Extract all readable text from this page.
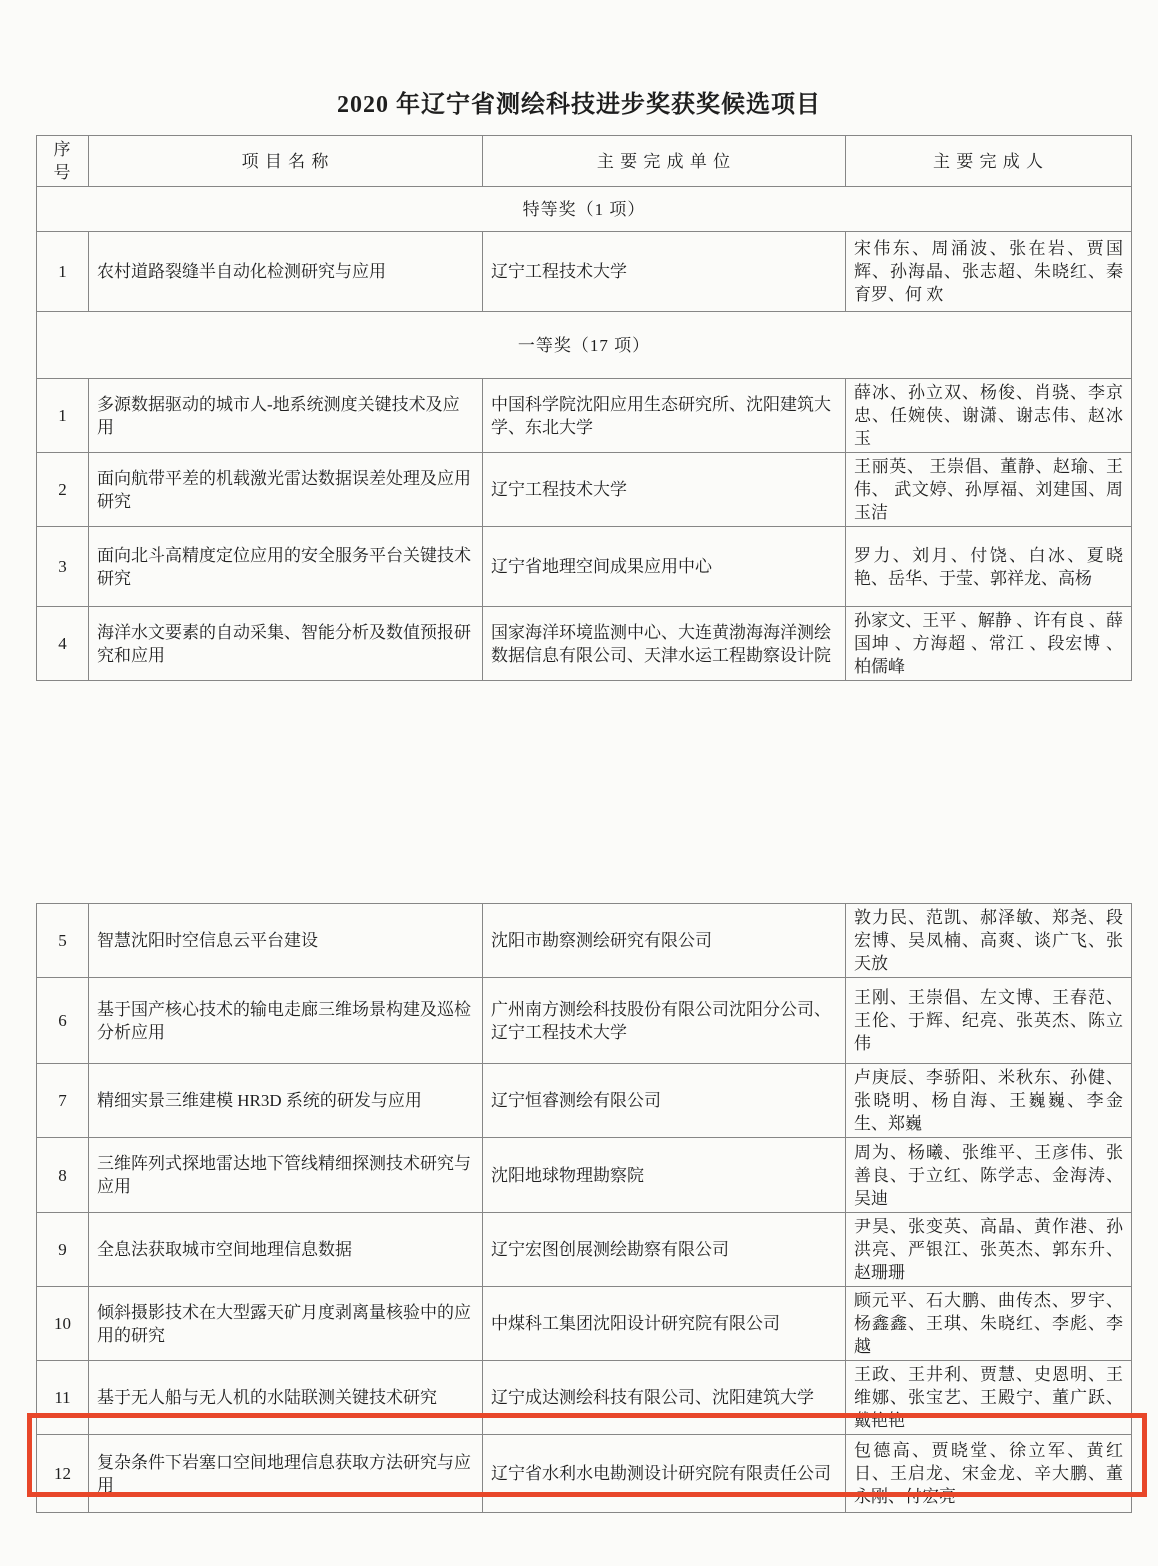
2020 年辽宁省测绘科技进步奖获奖候选项目
序号	项 目 名 称	主 要 完 成 单 位	主 要 完 成 人
特等奖（1 项）			
1	农村道路裂缝半自动化检测研究与应用	辽宁工程技术大学	宋伟东、周涌波、张在岩、贾国辉、孙海晶、张志超、朱晓红、秦育罗、何 欢
一等奖（17 项）			
1	多源数据驱动的城市人-地系统测度关键技术及应用	中国科学院沈阳应用生态研究所、沈阳建筑大学、东北大学	薛冰、孙立双、杨俊、肖骁、李京忠、任婉侠、谢潇、谢志伟、赵冰玉
2	面向航带平差的机载激光雷达数据误差处理及应用研究	辽宁工程技术大学	王丽英、 王崇倡、董静、赵瑜、王伟、 武文婷、孙厚福、刘建国、周玉洁
3	面向北斗高精度定位应用的安全服务平台关键技术研究	辽宁省地理空间成果应用中心	罗力、刘月、付饶、白冰、夏晓艳、岳华、于莹、郭祥龙、高杨
4	海洋水文要素的自动采集、智能分析及数值预报研究和应用	国家海洋环境监测中心、大连黄渤海海洋测绘数据信息有限公司、天津水运工程勘察设计院	孙家文、王平 、解静 、许有良 、薛国坤 、方海超 、常江 、段宏博 、柏儒峰
5	智慧沈阳时空信息云平台建设	沈阳市勘察测绘研究有限公司	敦力民、范凯、郝泽敏、郑尧、段宏博、吴凤楠、高爽、谈广飞、张天放
6	基于国产核心技术的输电走廊三维场景构建及巡检分析应用	广州南方测绘科技股份有限公司沈阳分公司、辽宁工程技术大学	王刚、王崇倡、左文博、王春范、王伦、于辉、纪亮、张英杰、陈立伟
7	精细实景三维建模 HR3D 系统的研发与应用	辽宁恒睿测绘有限公司	卢庚辰、李骄阳、米秋东、孙健、张晓明、杨自海、王巍巍、李金生、郑巍
8	三维阵列式探地雷达地下管线精细探测技术研究与应用	沈阳地球物理勘察院	周为、杨曦、张维平、王彦伟、张善良、于立红、陈学志、金海涛、吴迪
9	全息法获取城市空间地理信息数据	辽宁宏图创展测绘勘察有限公司	尹昊、张变英、高晶、黄作港、孙洪亮、严银江、张英杰、郭东升、赵珊珊
10	倾斜摄影技术在大型露天矿月度剥离量核验中的应用的研究	中煤科工集团沈阳设计研究院有限公司	顾元平、石大鹏、曲传杰、罗宇、杨鑫鑫、王琪、朱晓红、李彪、李越
11	基于无人船与无人机的水陆联测关键技术研究	辽宁成达测绘科技有限公司、沈阳建筑大学	王政、王井利、贾慧、史恩明、王维娜、张宝艺、王殿宁、董广跃、戴艳艳
12	复杂条件下岩塞口空间地理信息获取方法研究与应用	辽宁省水利水电勘测设计研究院有限责任公司	包德高、贾晓堂、徐立军、黄红日、王启龙、宋金龙、辛大鹏、董永刚、付宏亮
